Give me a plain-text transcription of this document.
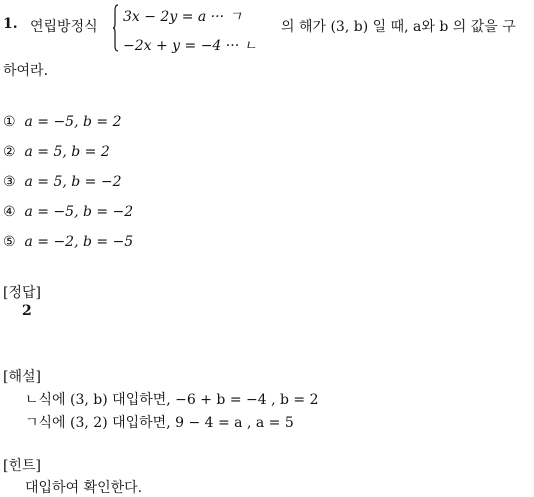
1. 연립방정식
3x − 2y = a ··· ㄱ
−2x + y = −4 ··· ㄴ
의 해가 (3, b) 일 때, a와 b 의 값을 구
하여라.
① a = −5, b = 2
② a = 5, b = 2
③ a = 5, b = −2
④ a = −5, b = −2
⑤ a = −2, b = −5
[정답]
2
[해설]
ㄴ식에 (3, b) 대입하면, −6 + b = −4 , b = 2
ㄱ식에 (3, 2) 대입하면, 9 − 4 = a , a = 5
[힌트]
대입하여 확인한다.
